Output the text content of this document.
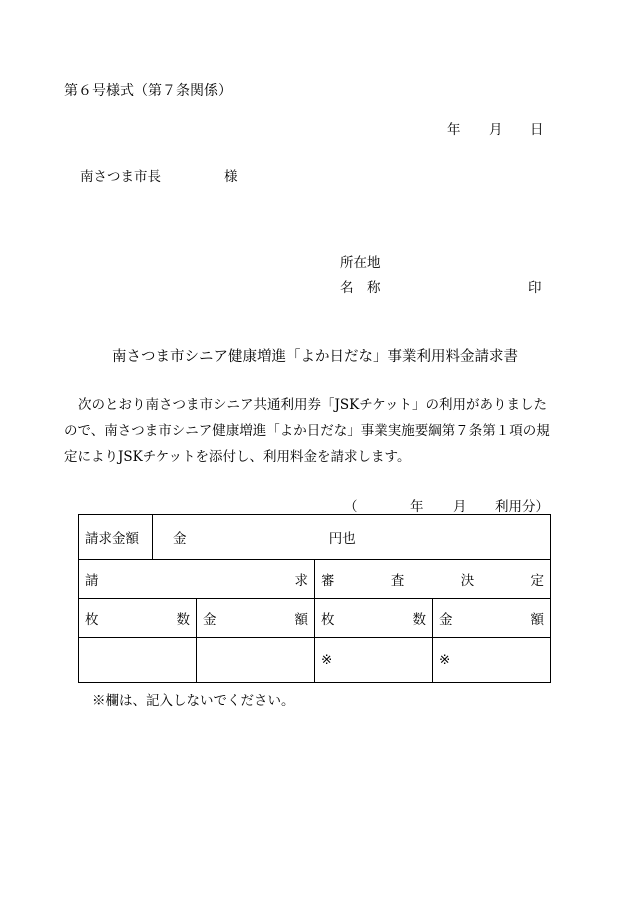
第６号様式（第７条関係）
年 月 日
南さつま市長	様
所在地
名　称	印
南さつま市シニア健康増進「よか日だな」事業利用料金請求書
次のとおり南さつま市シニア共通利用券「JSKチケット」の利用がありましたので、南さつま市シニア健康増進「よか日だな」事業実施要綱第７条第１項の規定によりJSKチケットを添付し、利用料金を請求します。
（	年 月 利用分）
請求金額	金 円也			

請 求			審 査 決 定	

枚 数		金 額	枚 数	金 額

			※	※
※欄は、記入しないでください。
